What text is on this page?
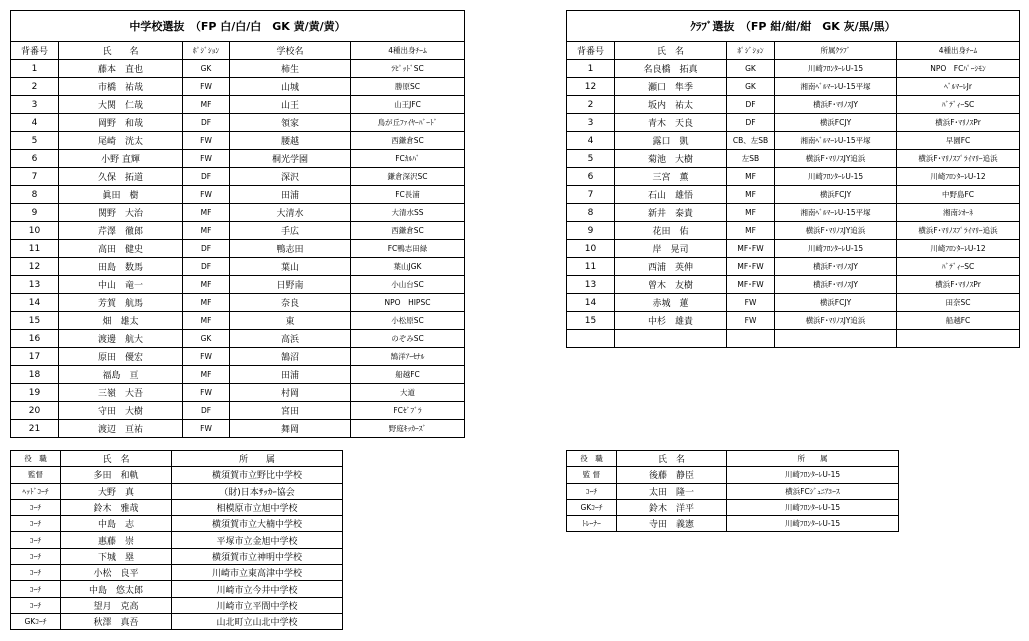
中学校選抜　（FP 白/白/白　GK 黄/黄/黄）				
背番号	氏　　名	ﾎﾟｼﾞｼｮﾝ	学校名	4種出身ﾁｰﾑ
1	藤本　直也	GK	柿生	ﾗﾋﾟｯﾄﾞSC
2	市橋　祐哉	FW	山城	勝原SC
3	大関　仁哉	MF	山王	山王JFC
4	岡野　和哉	DF	領家	鳥が丘ﾌｧｲﾔｰﾊﾞｰﾄﾞ
5	尾崎　洸太	FW	腰越	西鎌倉SC
6	小野 直輝	FW	桐光学園	FCｶﾙﾊﾞ
7	久保　拓道	DF	深沢	鎌倉深沢SC
8	眞田　樹	FW	田浦	FC長浦
9	関野　大治	MF	大清水	大清水SS
10	芹澤　徹郎	MF	手広	西鎌倉SC
11	高田　健史	DF	鴨志田	FC鴨志田緑
12	田島　数馬	DF	葉山	葉山JGK
13	中山　竜一	MF	日野南	小山台SC
14	芳賀　航馬	MF	奈良	NPO　HIPSC
15	畑　雄太	MF	東	小松原SC
16	渡邊　航大	GK	高浜	のぞみSC
17	原田　優宏	FW	鵠沼	鵠洋ｱｰｾﾅﾙ
18	福島　亘	MF	田浦	船越FC
19	三嶺　大吾	FW	村岡	大道
20	守田　大樹	DF	宮田	FCｾﾞﾌﾞﾗ
21	渡辺　亘祐	FW	舞岡	野庭ｷｯｶｰｽﾞ
ｸﾗﾌﾞ選抜　（FP 紺/紺/紺　GK 灰/黒/黒）				
背番号	氏　名	ﾎﾟｼﾞｼｮﾝ	所属ｸﾗﾌﾞ	4種出身ﾁｰﾑ
1	名良橋　拓真	GK	川崎ﾌﾛﾝﾀｰﾚU-15	NPO　FCﾊﾟｰｼﾓﾝ
12	瀬口　隼季	GK	湘南ﾍﾞﾙﾏｰﾚU-15平塚	ﾍﾞﾙﾏｰﾚJr
2	坂内　祐太	DF	横浜F･ﾏﾘﾉｽJY	ﾊﾞﾃﾞｨｰSC
3	青木　天良	DF	横浜FCJY	横浜F･ﾏﾘﾉｽPr
4	露口　凱	CB、左SB	湘南ﾍﾞﾙﾏｰﾚU-15平塚	早園FC
5	菊池　大樹	左SB	横浜F･ﾏﾘﾉｽJY追浜	横浜F･ﾏﾘﾉｽﾌﾟﾗｲﾏﾘｰ追浜
6	三宮　薫	MF	川崎ﾌﾛﾝﾀｰﾚU-15	川崎ﾌﾛﾝﾀｰﾚU-12
7	石山　雄悟	MF	横浜FCJY	中野島FC
8	新井　泰貴	MF	湘南ﾍﾞﾙﾏｰﾚU-15平塚	湘南ｼｵｰﾈ
9	花田　佑	MF	横浜F･ﾏﾘﾉｽJY追浜	横浜F･ﾏﾘﾉｽﾌﾟﾗｲﾏﾘｰ追浜
10	岸　晃司	MF･FW	川崎ﾌﾛﾝﾀｰﾚU-15	川崎ﾌﾛﾝﾀｰﾚU-12
11	西浦　英伸	MF･FW	横浜F･ﾏﾘﾉｽJY	ﾊﾞﾃﾞｨｰSC
13	曾木　友樹	MF･FW	横浜F･ﾏﾘﾉｽJY	横浜F･ﾏﾘﾉｽPr
14	赤城　蓮	FW	横浜FCJY	田奈SC
15	中杉　雄貴	FW	横浜F･ﾏﾘﾉｽJY追浜	船越FC

役　職	氏　名	所　　属
監督	多田　和軌	横須賀市立野比中学校
ﾍｯﾄﾞｺｰﾁ	大野　真	（財)日本ｻｯｶｰ協会
ｺｰﾁ	鈴木　雅哉	相模原市立旭中学校
ｺｰﾁ	中島　志	横須賀市立大楠中学校
ｺｰﾁ	惠藤　崇	平塚市立金旭中学校
ｺｰﾁ	下城　塁	横須賀市立神明中学校
ｺｰﾁ	小松　良平	川崎市立東高津中学校
ｺｰﾁ	中島　悠太郎	川崎市立今井中学校
ｺｰﾁ	望月　克高	川崎市立平間中学校
GKｺｰﾁ	秋澤　真吾	山北町立山北中学校
役　職	氏　名	所　　属
監 督	後藤　静臣	川崎ﾌﾛﾝﾀｰﾚU-15
ｺｰﾁ	太田　隆一	横浜FCｼﾞｭﾆｱﾕｰｽ
GKｺｰﾁ	鈴木　洋平	川崎ﾌﾛﾝﾀｰﾚU-15
ﾄﾚｰﾅｰ	寺田　義憲	川崎ﾌﾛﾝﾀｰﾚU-15
